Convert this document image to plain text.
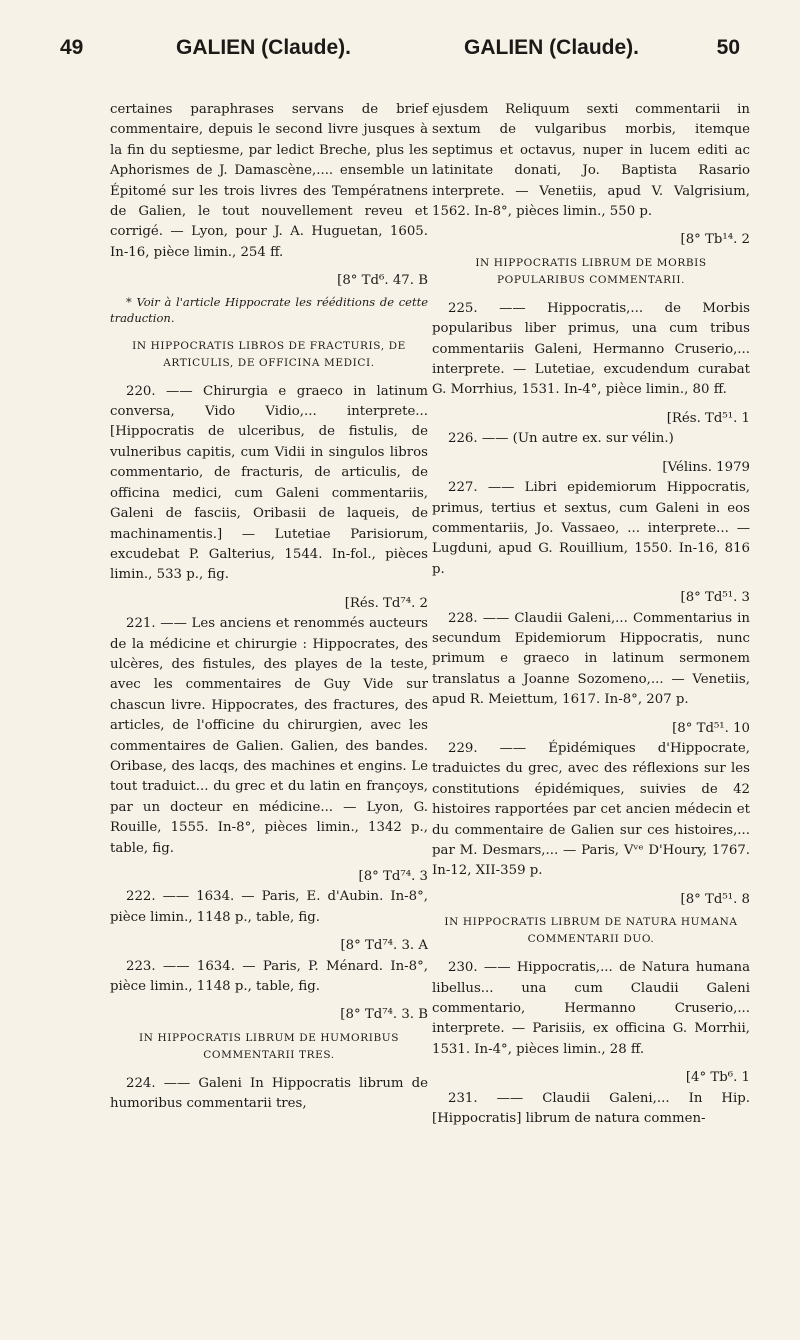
49	GALIEN (Claude).	GALIEN (Claude).	50

certaines paraphrases servans de brief commentaire, depuis le second livre jusques à la fin du septiesme, par ledict Breche, plus les Aphorismes de J. Damascène,.... ensemble un Épitomé sur les trois livres des Températnens de Galien, le tout nouvellement reveu et corrigé. — Lyon, pour J. A. Huguetan, 1605. In-16, pièce limin., 254 ff.

[8° Td⁶. 47. B

* Voir à l'article Hippocrate les rééditions de cette traduction.

IN HIPPOCRATIS LIBROS DE FRACTURIS, DE ARTICULIS, DE OFFICINA MEDICI.

220. —— Chirurgia e graeco in latinum conversa, Vido Vidio,... interprete... [Hippocratis de ulceribus, de fistulis, de vulneribus capitis, cum Vidii in singulos libros commentario, de fracturis, de articulis, de officina medici, cum Galeni commentariis, Galeni de fasciis, Oribasii de laqueis, de machinamentis.] — Lutetiae Parisiorum, excudebat P. Galterius, 1544. In-fol., pièces limin., 533 p., fig.

[Rés. Td⁷⁴. 2

221. —— Les anciens et renommés aucteurs de la médicine et chirurgie : Hippocrates, des ulcères, des fistules, des playes de la teste, avec les commentaires de Guy Vide sur chascun livre. Hippocrates, des fractures, des articles, de l'officine du chirurgien, avec les commentaires de Galien. Galien, des bandes. Oribase, des lacqs, des machines et engins. Le tout traduict... du grec et du latin en françoys, par un docteur en médicine... — Lyon, G. Rouille, 1555. In-8°, pièces limin., 1342 p., table, fig.

[8° Td⁷⁴. 3

222. —— 1634. — Paris, E. d'Aubin. In-8°, pièce limin., 1148 p., table, fig.

[8° Td⁷⁴. 3. A

223. —— 1634. — Paris, P. Ménard. In-8°, pièce limin., 1148 p., table, fig.

[8° Td⁷⁴. 3. B

IN HIPPOCRATIS LIBRUM DE HUMORIBUS COMMENTARII TRES.

224. —— Galeni In Hippocratis librum de humoribus commentarii tres,

ejusdem Reliquum sexti commentarii in sextum de vulgaribus morbis, itemque septimus et octavus, nuper in lucem editi ac latinitate donati, Jo. Baptista Rasario interprete. — Venetiis, apud V. Valgrisium, 1562. In-8°, pièces limin., 550 p.

[8° Tb¹⁴. 2

IN HIPPOCRATIS LIBRUM DE MORBIS POPULARIBUS COMMENTARII.

225. —— Hippocratis,... de Morbis popularibus liber primus, una cum tribus commentariis Galeni, Hermanno Cruserio,... interprete. — Lutetiae, excudendum curabat G. Morrhius, 1531. In-4°, pièce limin., 80 ff.

[Rés. Td⁵¹. 1

226. —— (Un autre ex. sur vélin.)

[Vélins. 1979

227. —— Libri epidemiorum Hippocratis, primus, tertius et sextus, cum Galeni in eos commentariis, Jo. Vassaeo, ... interprete... — Lugduni, apud G. Rouillium, 1550. In-16, 816 p.

[8° Td⁵¹. 3

228. —— Claudii Galeni,... Commentarius in secundum Epidemiorum Hippocratis, nunc primum e graeco in latinum sermonem translatus a Joanne Sozomeno,... — Venetiis, apud R. Meiettum, 1617. In-8°, 207 p.

[8° Td⁵¹. 10

229. —— Épidémiques d'Hippocrate, traduictes du grec, avec des réflexions sur les constitutions épidémiques, suivies de 42 histoires rapportées par cet ancien médecin et du commentaire de Galien sur ces histoires,... par M. Desmars,... — Paris, Vᵛᵉ D'Houry, 1767. In-12, XII-359 p.

[8° Td⁵¹. 8

IN HIPPOCRATIS LIBRUM DE NATURA HUMANA COMMENTARII DUO.

230. —— Hippocratis,... de Natura humana libellus... una cum Claudii Galeni commentario, Hermanno Cruserio,... interprete. — Parisiis, ex officina G. Morrhii, 1531. In-4°, pièces limin., 28 ff.

[4° Tb⁶. 1

231. —— Claudii Galeni,... In Hip. [Hippocratis] librum de natura commen-
